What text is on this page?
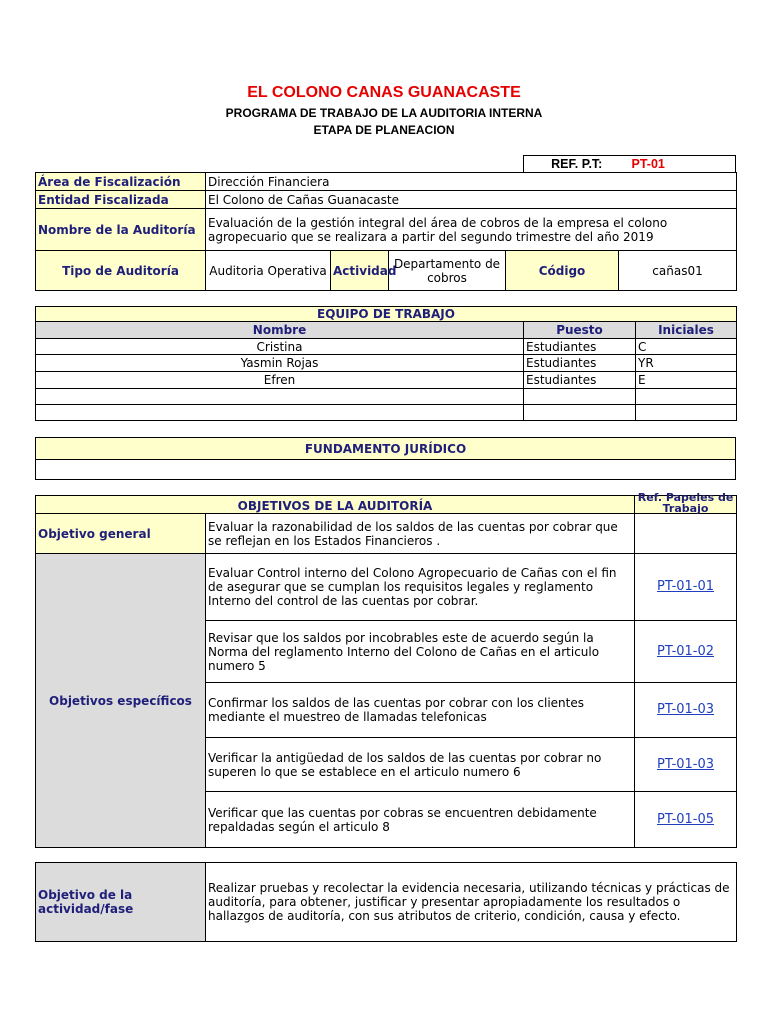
EL COLONO CANAS GUANACASTE
PROGRAMA DE TRABAJO DE LA AUDITORIA INTERNA
ETAPA DE PLANEACION
REF. P.T:	PT-01
Área de Fiscalización	Dirección Financiera				
Entidad Fiscalizada	El Colono de Cañas Guanacaste				
Nombre de la Auditoría	Evaluación de la gestión integral del área de cobros de la empresa el colono agropecuario que se realizara a partir del segundo trimestre del año 2019				
Tipo de Auditoría	Auditoria Operativa	Actividad	Departamento de cobros	Código	cañas01
EQUIPO DE TRABAJO		
Nombre	Puesto	Iniciales
Cristina	Estudiantes	C
Yasmin Rojas	Estudiantes	YR
Efren	Estudiantes	E

FUNDAMENTO JURÍDICO

OBJETIVOS DE LA AUDITORÍA		Ref. Papeles de Trabajo

Objetivo general	Evaluar la razonabilidad de los saldos de las cuentas por cobrar que se reflejan en los Estados Financieros .	
Objetivos específicos	Evaluar Control interno del Colono Agropecuario de Cañas con el fin de asegurar que se cumplan los requisitos legales y reglamento Interno del control de las cuentas por cobrar.	PT-01-01
	Revisar que los saldos por incobrables este de acuerdo según la Norma del reglamento Interno del Colono de Cañas en el articulo numero 5	PT-01-02
	Confirmar los saldos de las cuentas por cobrar con los clientes mediante el muestreo de llamadas telefonicas	PT-01-03
	Verificar la antigüedad de los saldos de las cuentas por cobrar no superen lo que se establece en el articulo numero 6	PT-01-03
	Verificar que las cuentas por cobras se encuentren debidamente repaldadas según el articulo 8	PT-01-05
Objetivo de la actividad/fase	Realizar pruebas y recolectar la evidencia necesaria, utilizando técnicas y prácticas de auditoría, para obtener, justificar y presentar apropiadamente los resultados o hallazgos de auditoría, con sus atributos de criterio, condición, causa y efecto.
